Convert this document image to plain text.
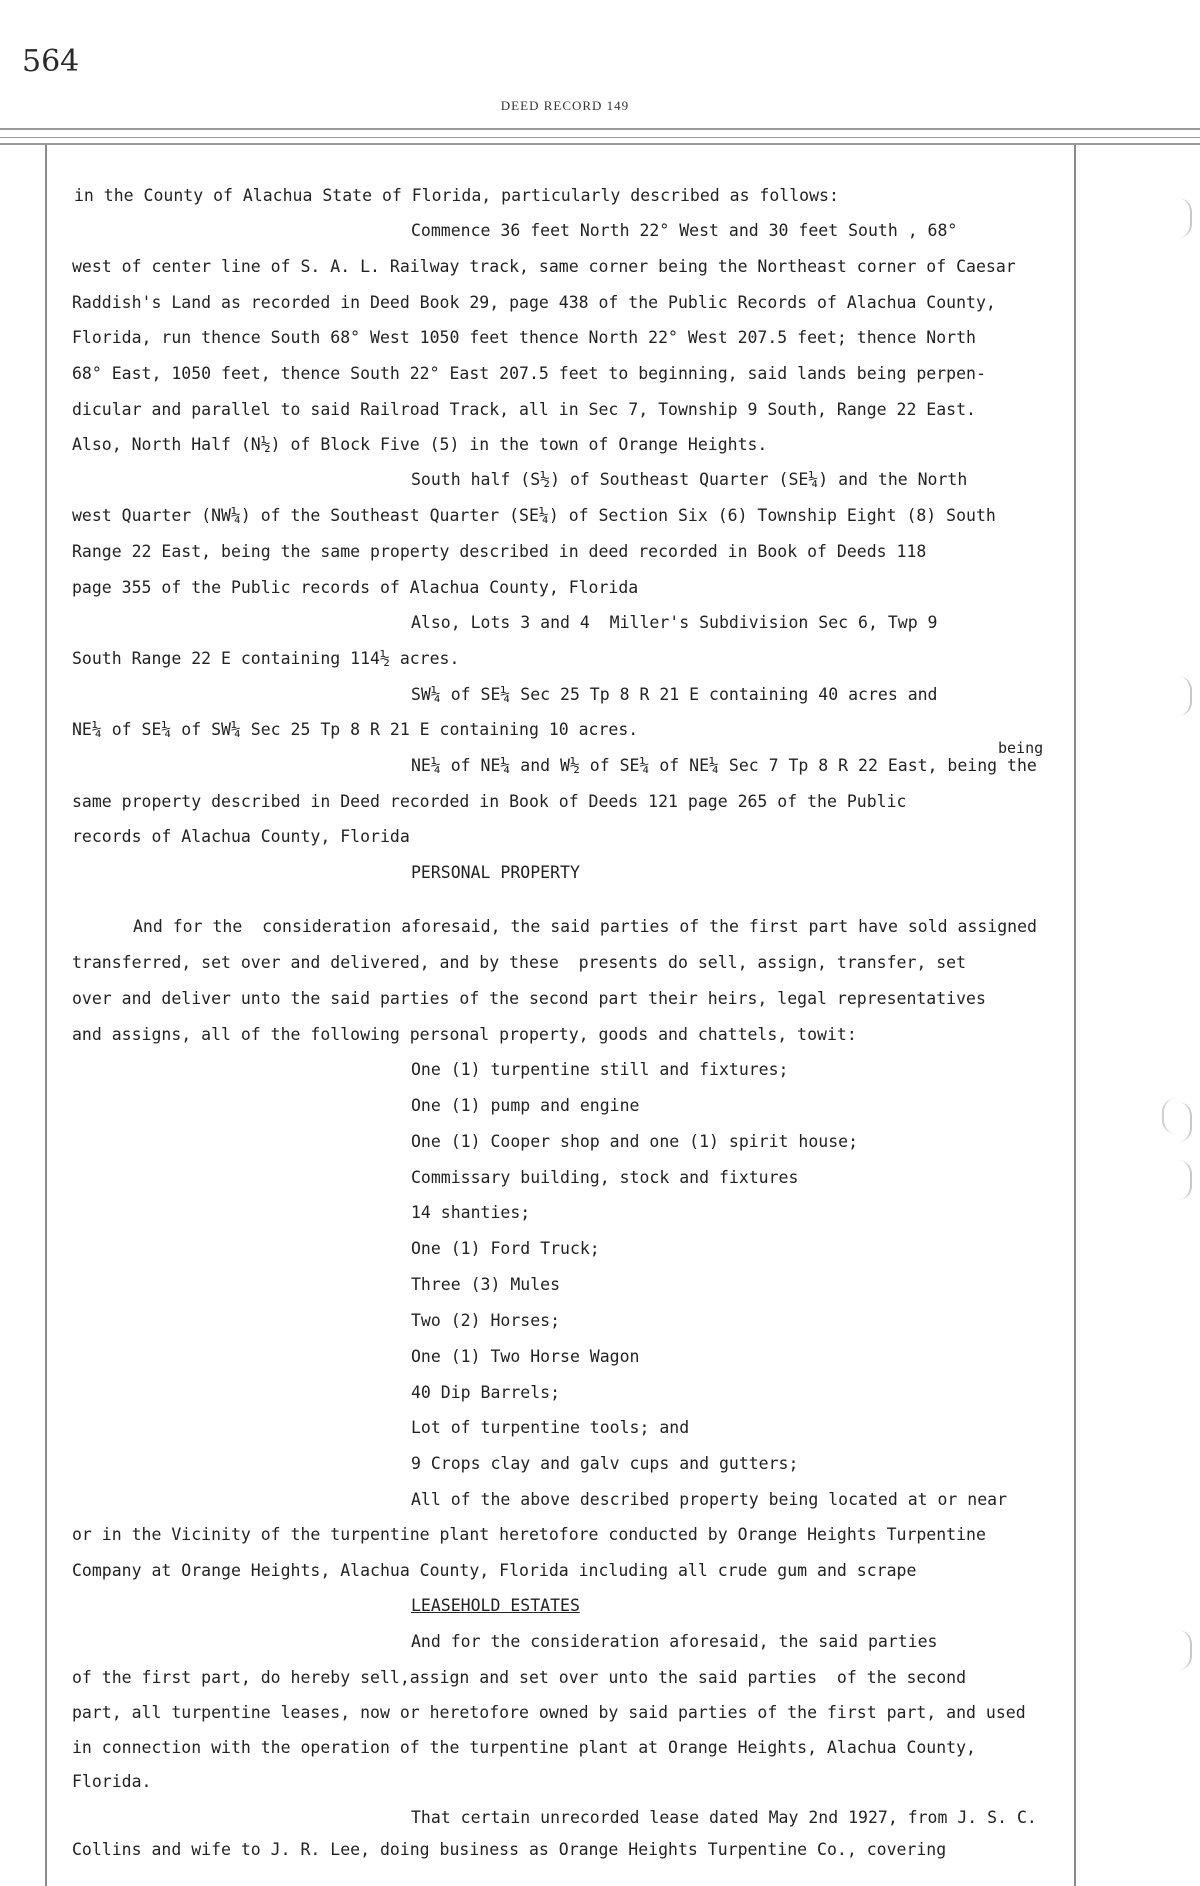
564
DEED RECORD 149
in the County of Alachua State of Florida, particularly described as follows:
Commence 36 feet North 22° West and 30 feet South , 68°
west of center line of S. A. L. Railway track, same corner being the Northeast corner of Caesar
Raddish's Land as recorded in Deed Book 29, page 438 of the Public Records of Alachua County,
Florida, run thence South 68° West 1050 feet thence North 22° West 207.5 feet; thence North
68° East, 1050 feet, thence South 22° East 207.5 feet to beginning, said lands being perpen-
dicular and parallel to said Railroad Track, all in Sec 7, Township 9 South, Range 22 East.
Also, North Half (N½) of Block Five (5) in the town of Orange Heights.
South half (S½) of Southeast Quarter (SE¼) and the North
west Quarter (NW¼) of the Southeast Quarter (SE¼) of Section Six (6) Township Eight (8) South
Range 22 East, being the same property described in deed recorded in Book of Deeds 118
page 355 of the Public records of Alachua County, Florida
Also, Lots 3 and 4  Miller's Subdivision Sec 6, Twp 9
South Range 22 E containing 114½ acres.
SW¼ of SE¼ Sec 25 Tp 8 R 21 E containing 40 acres and
NE¼ of SE¼ of SW¼ Sec 25 Tp 8 R 21 E containing 10 acres.
being
NE¼ of NE¼ and W½ of SE¼ of NE¼ Sec 7 Tp 8 R 22 East, being the
same property described in Deed recorded in Book of Deeds 121 page 265 of the Public
records of Alachua County, Florida
PERSONAL PROPERTY
And for the  consideration aforesaid, the said parties of the first part have sold assigned
transferred, set over and delivered, and by these  presents do sell, assign, transfer, set
over and deliver unto the said parties of the second part their heirs, legal representatives
and assigns, all of the following personal property, goods and chattels, towit:
One (1) turpentine still and fixtures;
One (1) pump and engine
One (1) Cooper shop and one (1) spirit house;
Commissary building, stock and fixtures
14 shanties;
One (1) Ford Truck;
Three (3) Mules
Two (2) Horses;
One (1) Two Horse Wagon
40 Dip Barrels;
Lot of turpentine tools; and
9 Crops clay and galv cups and gutters;
All of the above described property being located at or near
or in the Vicinity of the turpentine plant heretofore conducted by Orange Heights Turpentine
Company at Orange Heights, Alachua County, Florida including all crude gum and scrape
LEASEHOLD ESTATES
And for the consideration aforesaid, the said parties
of the first part, do hereby sell,assign and set over unto the said parties  of the second
part, all turpentine leases, now or heretofore owned by said parties of the first part, and used
in connection with the operation of the turpentine plant at Orange Heights, Alachua County,
Florida.
That certain unrecorded lease dated May 2nd 1927, from J. S. C.
Collins and wife to J. R. Lee, doing business as Orange Heights Turpentine Co., covering
